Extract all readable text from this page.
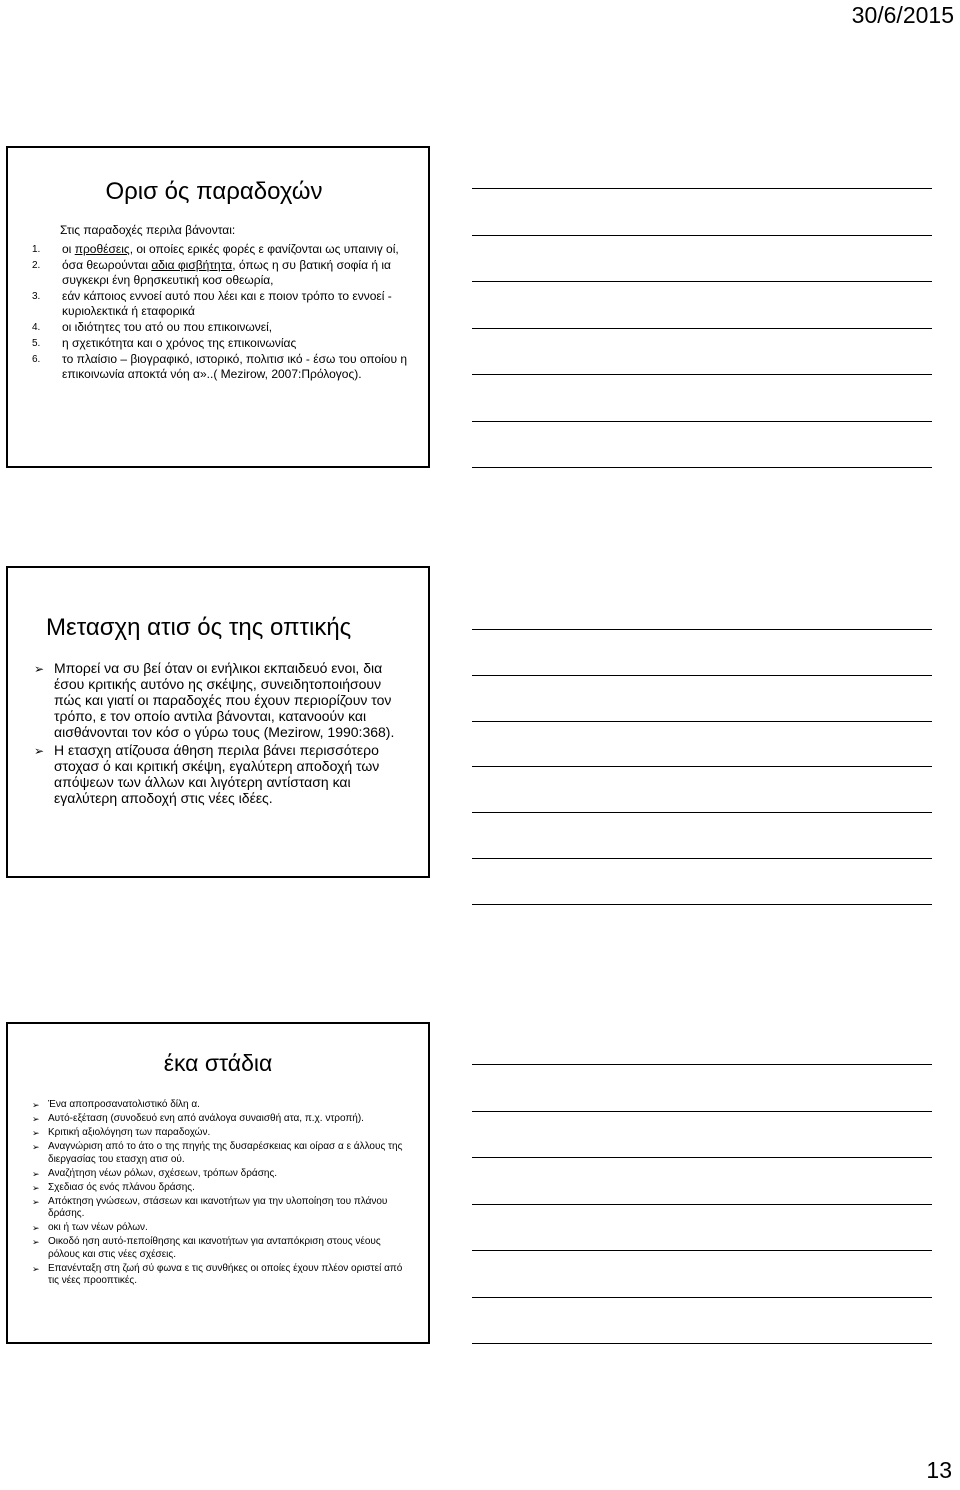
30/6/2015
Ορισ ός παραδοχών
Στις παραδοχές περιλα βάνονται:
1. οι προθέσεις, οι οποίες ερικές φορές ε φανίζονται ως υπαινιγ οί,
2. όσα θεωρούνται αδια φισβήτητα, όπως η συ βατική σοφία ή ια συγκεκρι ένη θρησκευτική κοσ οθεωρία,
3. εάν κάποιος εννοεί αυτό που λέει και ε ποιον τρόπο το εννοεί - κυριολεκτικά ή εταφορικά
4. οι ιδιότητες του ατό ου που επικοινωνεί,
5. η σχετικότητα και ο χρόνος της επικοινωνίας
6. το πλαίσιο – βιογραφικό, ιστορικό, πολιτισ ικό - έσω του οποίου η επικοινωνία αποκτά νόη α»..( Mezirow, 2007:Πρόλογος).
Μετασχη ατισ ός της οπτικής
➢ Μπορεί να συ βεί όταν οι ενήλικοι εκπαιδευό ενοι, δια έσου κριτικής αυτόνο ης σκέψης, συνειδητοποιήσουν πώς και γιατί οι παραδοχές που έχουν περιορίζουν τον τρόπο, ε τον οποίο αντιλα βάνονται, κατανοούν και αισθάνονται τον κόσ ο γύρω τους (Mezirow, 1990:368).
➢ Η ετασχη ατίζουσα άθηση περιλα βάνει περισσότερο στοχασ ό και κριτική σκέψη, εγαλύτερη αποδοχή των απόψεων των άλλων και λιγότερη αντίσταση και εγαλύτερη αποδοχή στις νέες ιδέες.
έκα στάδια
➢ Ένα αποπροσανατολιστικό δίλη α.
➢ Αυτό-εξέταση (συνοδευό ενη από ανάλογα συναισθή ατα, π.χ. ντροπή).
➢ Κριτική αξιολόγηση των παραδοχών.
➢ Αναγνώριση από το άτο ο της πηγής της δυσαρέσκειας και οίρασ α ε άλλους της διεργασίας του ετασχη ατισ ού.
➢ Αναζήτηση νέων ρόλων, σχέσεων, τρόπων δράσης.
➢ Σχεδιασ ός ενός πλάνου δράσης.
➢ Απόκτηση γνώσεων, στάσεων και ικανοτήτων για την υλοποίηση του πλάνου δράσης.
➢ οκι ή των νέων ρόλων.
➢ Οικοδό ηση αυτό-πεποίθησης και ικανοτήτων για ανταπόκριση στους νέους ρόλους και στις νέες σχέσεις.
➢ Επανένταξη στη ζωή σύ φωνα ε τις συνθήκες οι οποίες έχουν πλέον οριστεί από τις νέες προοπτικές.
13
